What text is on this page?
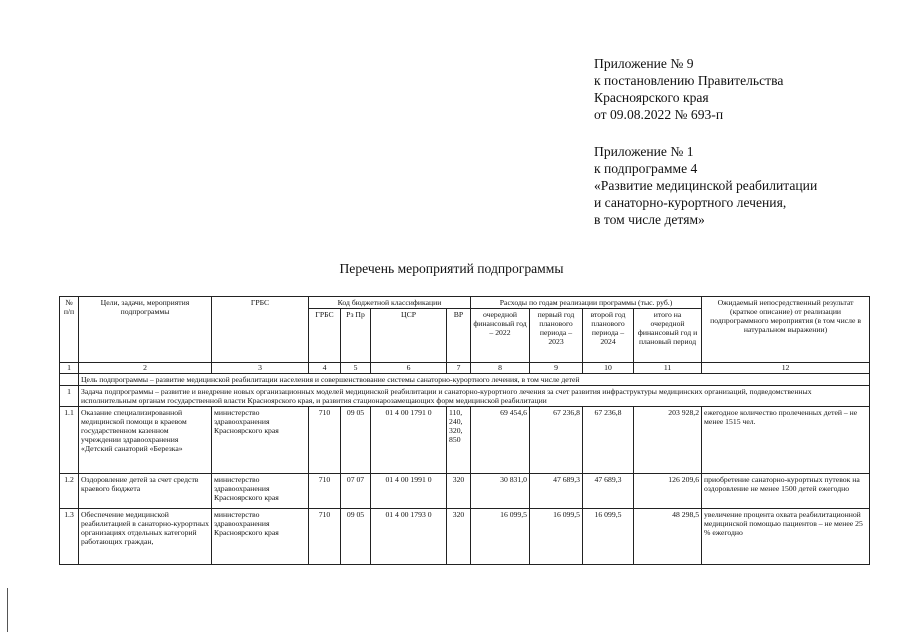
Приложение № 9
к постановлению Правительства
Красноярского края
от 09.08.2022 № 693-п
Приложение № 1
к подпрограмме 4
«Развитие медицинской реабилитации
и санаторно-курортного лечения,
в том числе детям»
Перечень мероприятий подпрограммы
№ п/п	Цели, задачи, мероприятия подпрограммы	ГРБС	Код бюджетной классификации				Расходы по годам реализации программы (тыс. руб.)				Ожидаемый непосредственный результат (краткое описание) от реализации подпрограммного мероприятия (в том числе в натуральном выражении)
			ГРБС	Рз Пр	ЦСР	ВР	очередной финансовый год – 2022	первый год планового периода – 2023	второй год планового периода – 2024	итого на очередной финансовый год и плановый период	
1	2	3	4	5	6	7	8	9	10	11	12
	Цель подпрограммы – развитие медицинской реабилитации населения и совершенствование системы санаторно-курортного лечения, в том числе детей										
1	Задача подпрограммы – развитие и внедрение новых организационных моделей медицинской реабилитации и санаторно-курортного лечения за счет развития инфраструктуры медицинских организаций, подведомственных исполнительным органам государственной власти Красноярского края, и развития стационарозамещающих форм медицинской реабилитации										
1.1	Оказание специализированной медицинской помощи в краевом государственном казенном учреждении здравоохранения «Детский санаторий «Березка»	министерство здравоохранения Красноярского края	710	09 05	01 4 00 1791 0	110, 240, 320, 850	69 454,6	67 236,8	67 236,8	203 928,2	ежегодное количество пролеченных детей – не менее 1515 чел.
1.2	Оздоровление детей за счет средств краевого бюджета	министерство здравоохранения Красноярского края	710	07 07	01 4 00 1991 0	320	30 831,0	47 689,3	47 689,3	126 209,6	приобретение санаторно-курортных путевок на оздоровление не менее 1500 детей ежегодно
1.3	Обеспечение медицинской реабилитацией в санаторно-курортных организациях отдельных категорий работающих граждан,	министерство здравоохранения Красноярского края	710	09 05	01 4 00 1793 0	320	16 099,5	16 099,5	16 099,5	48 298,5	увеличение процента охвата реабилитационной медицинской помощью пациентов – не менее 25 % ежегодно
